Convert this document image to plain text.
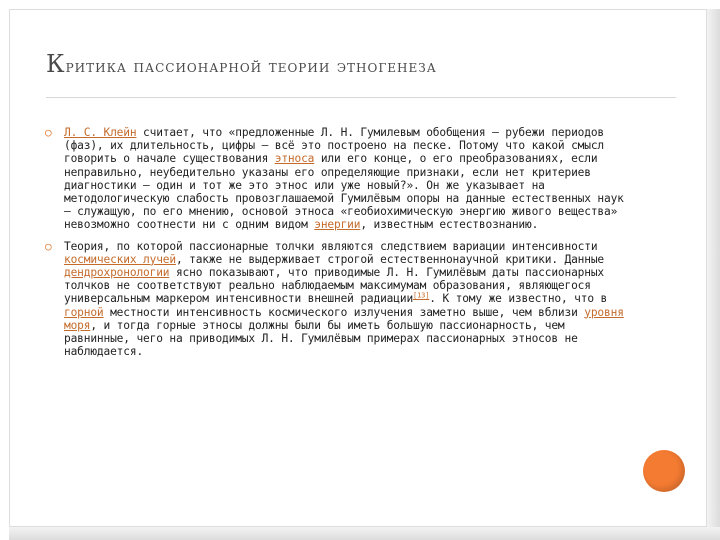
Критика пассионарной теории этногенеза
○	Л. С. Клейн считает, что «предложенные Л. Н. Гумилевым обобщения — рубежи периодов (фаз), их длительность, цифры — всё это построено на песке. Потому что какой смысл говорить о начале существования этноса или его конце, о его преобразованиях, если неправильно, неубедительно указаны его определяющие признаки, если нет критериев диагностики — один и тот же это этнос или уже новый?». Он же указывает на методологическую слабость провозглашаемой Гумилёвым опоры на данные естественных наук — служащую, по его мнению, основой этноса «геобиохимическую энергию живого вещества» невозможно соотнести ни с одним видом энергии, известным естествознанию.
○	Теория, по которой пассионарные толчки являются следствием вариации интенсивности космических лучей, также не выдерживает строгой естественнонаучной критики. Данные дендрохронологии ясно показывают, что приводимые Л. Н. Гумилёвым даты пассионарных толчков не соответствуют реально наблюдаемым максимумам образования, являющегося универсальным маркером интенсивности внешней радиации[13]. К тому же известно, что в горной местности интенсивность космического излучения заметно выше, чем вблизи уровня моря, и тогда горные этносы должны были бы иметь большую пассионарность, чем равнинные, чего на приводимых Л. Н. Гумилёвым примерах пассионарных этносов не наблюдается.
